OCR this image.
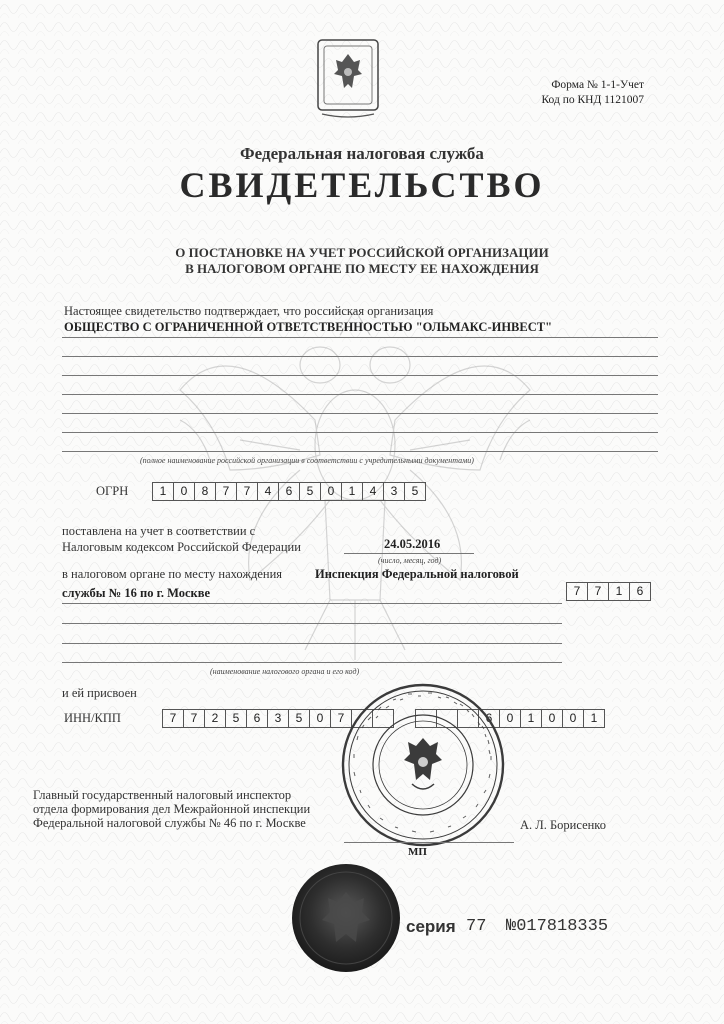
Форма № 1-1-Учет
Код по КНД 1121007
Федеральная налоговая служба
СВИДЕТЕЛЬСТВО
О ПОСТАНОВКЕ НА УЧЕТ РОССИЙСКОЙ ОРГАНИЗАЦИИ
В НАЛОГОВОМ ОРГАНЕ ПО МЕСТУ ЕЕ НАХОЖДЕНИЯ
Настоящее свидетельство подтверждает, что российская организация
ОБЩЕСТВО С ОГРАНИЧЕННОЙ ОТВЕТСТВЕННОСТЬЮ "ОЛЬМАКС-ИНВЕСТ"
(полное наименование российской организации в соответствии с учредительными документами)
ОГРН	1	0	8	7	7	4	6	5	0	1	4	3	5
поставлена на учет в соответствии с
Налоговым кодексом Российской Федерации	24.05.2016
(число, месяц, год)
в налоговом органе по месту нахождения	Инспекция Федеральной налоговой
службы № 16 по г. Москве	7	7	1	6
(наименование налогового органа и его код)
и ей присвоен
ИНН/КПП	7	7	2	5	6	3	5	0	7	6	0	1	0	0	1
Главный государственный налоговый инспектор
отдела формирования дел Межрайонной инспекции
Федеральной налоговой службы № 46 по г. Москве	А. Л. Борисенко
МП
серия 77 №017818335
